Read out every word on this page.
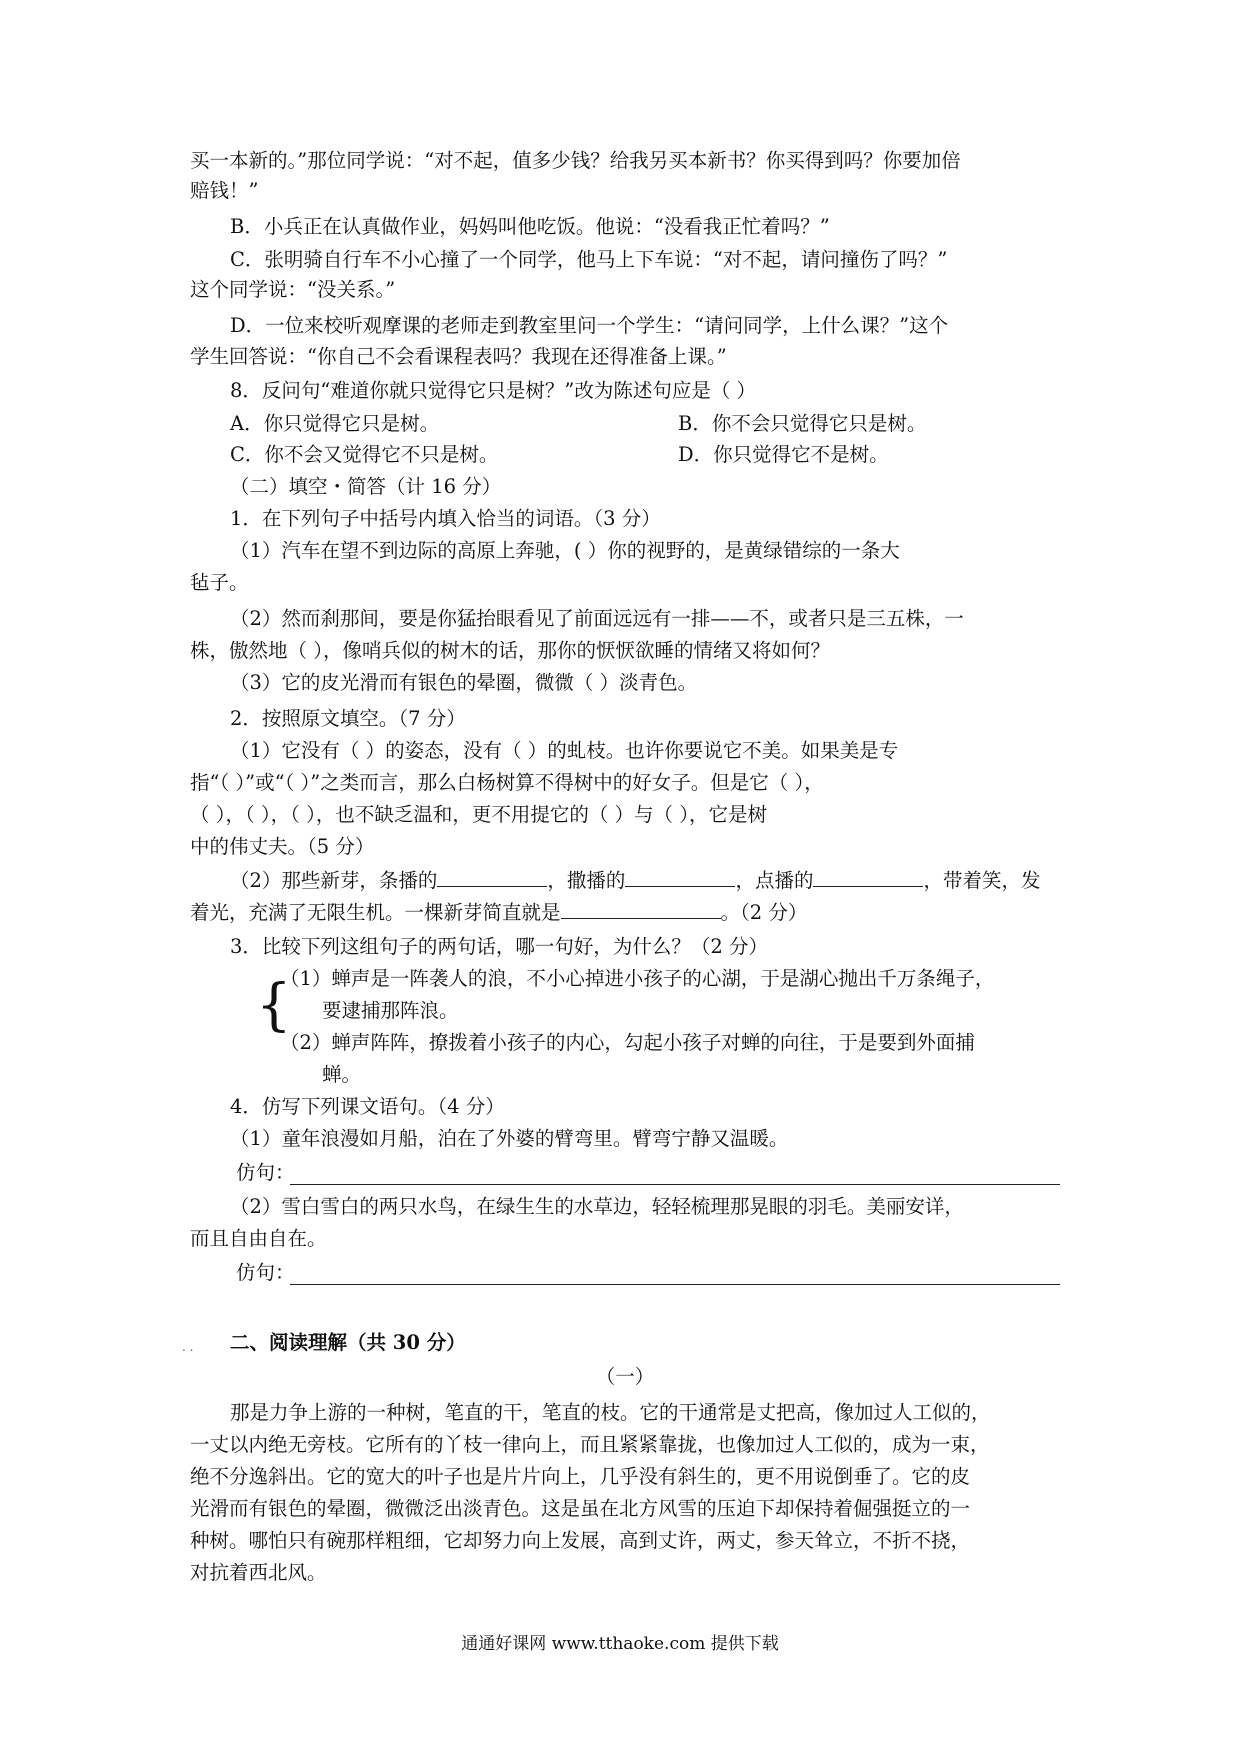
买一本新的。”那位同学说：“对不起，值多少钱？给我另买本新书？你买得到吗？你要加倍
赔钱！”
B．小兵正在认真做作业，妈妈叫他吃饭。他说：“没看我正忙着吗？”
C．张明骑自行车不小心撞了一个同学，他马上下车说：“对不起，请问撞伤了吗？”
这个同学说：“没关系。”
D．一位来校听观摩课的老师走到教室里问一个学生：“请问同学，上什么课？”这个
学生回答说：“你自己不会看课程表吗？我现在还得准备上课。”
8．反问句“难道你就只觉得它只是树？”改为陈述句应是（ ）
A．你只觉得它只是树。	B．你不会只觉得它只是树。
C．你不会又觉得它不只是树。	D．你只觉得它不是树。
（二）填空・简答（计 16 分）
1．在下列句子中括号内填入恰当的词语。（3 分）
（1）汽车在望不到边际的高原上奔驰，( ）你的视野的，是黄绿错综的一条大
毡子。
（2）然而刹那间，要是你猛抬眼看见了前面远远有一排——不，或者只是三五株，一
株，傲然地（ ），像哨兵似的树木的话，那你的恹恹欲睡的情绪又将如何？
（3）它的皮光滑而有银色的晕圈，微微（ ）淡青色。
2．按照原文填空。（7 分）
（1）它没有（ ）的姿态，没有（ ）的虬枝。也许你要说它不美。如果美是专
指“（ ）”或“（ ）”之类而言，那么白杨树算不得树中的好女子。但是它（ ），
（ ），（ ），（ ），也不缺乏温和，更不用提它的（ ）与（ ），它是树
中的伟丈夫。（5 分）
（2）那些新芽，条播的	，撒播的	，点播的	，带着笑，发
着光，充满了无限生机。一棵新芽简直就是	。（2 分）
3．比较下列这组句子的两句话，哪一句好，为什么？（2 分）
{
（1）蝉声是一阵袭人的浪，不小心掉进小孩子的心湖，于是湖心抛出千万条绳子，
要逮捕那阵浪。
（2）蝉声阵阵，撩拨着小孩子的内心，勾起小孩子对蝉的向往，于是要到外面捕
蝉。
4．仿写下列课文语句。（4 分）
（1）童年浪漫如月船，泊在了外婆的臂弯里。臂弯宁静又温暖。
仿句：
（2）雪白雪白的两只水鸟，在绿生生的水草边，轻轻梳理那晃眼的羽毛。美丽安详，
而且自由自在。
仿句：
. . 二、阅读理解（共 30 分）
（一）
那是力争上游的一种树，笔直的干，笔直的枝。它的干通常是丈把高，像加过人工似的，
一丈以内绝无旁枝。它所有的丫枝一律向上，而且紧紧靠拢，也像加过人工似的，成为一束，
绝不分逸斜出。它的宽大的叶子也是片片向上，几乎没有斜生的，更不用说倒垂了。它的皮
光滑而有银色的晕圈，微微泛出淡青色。这是虽在北方风雪的压迫下却保持着倔强挺立的一
种树。哪怕只有碗那样粗细，它却努力向上发展，高到丈许，两丈，参天耸立，不折不挠，
对抗着西北风。
通通好课网 www.tthaoke.com 提供下载
